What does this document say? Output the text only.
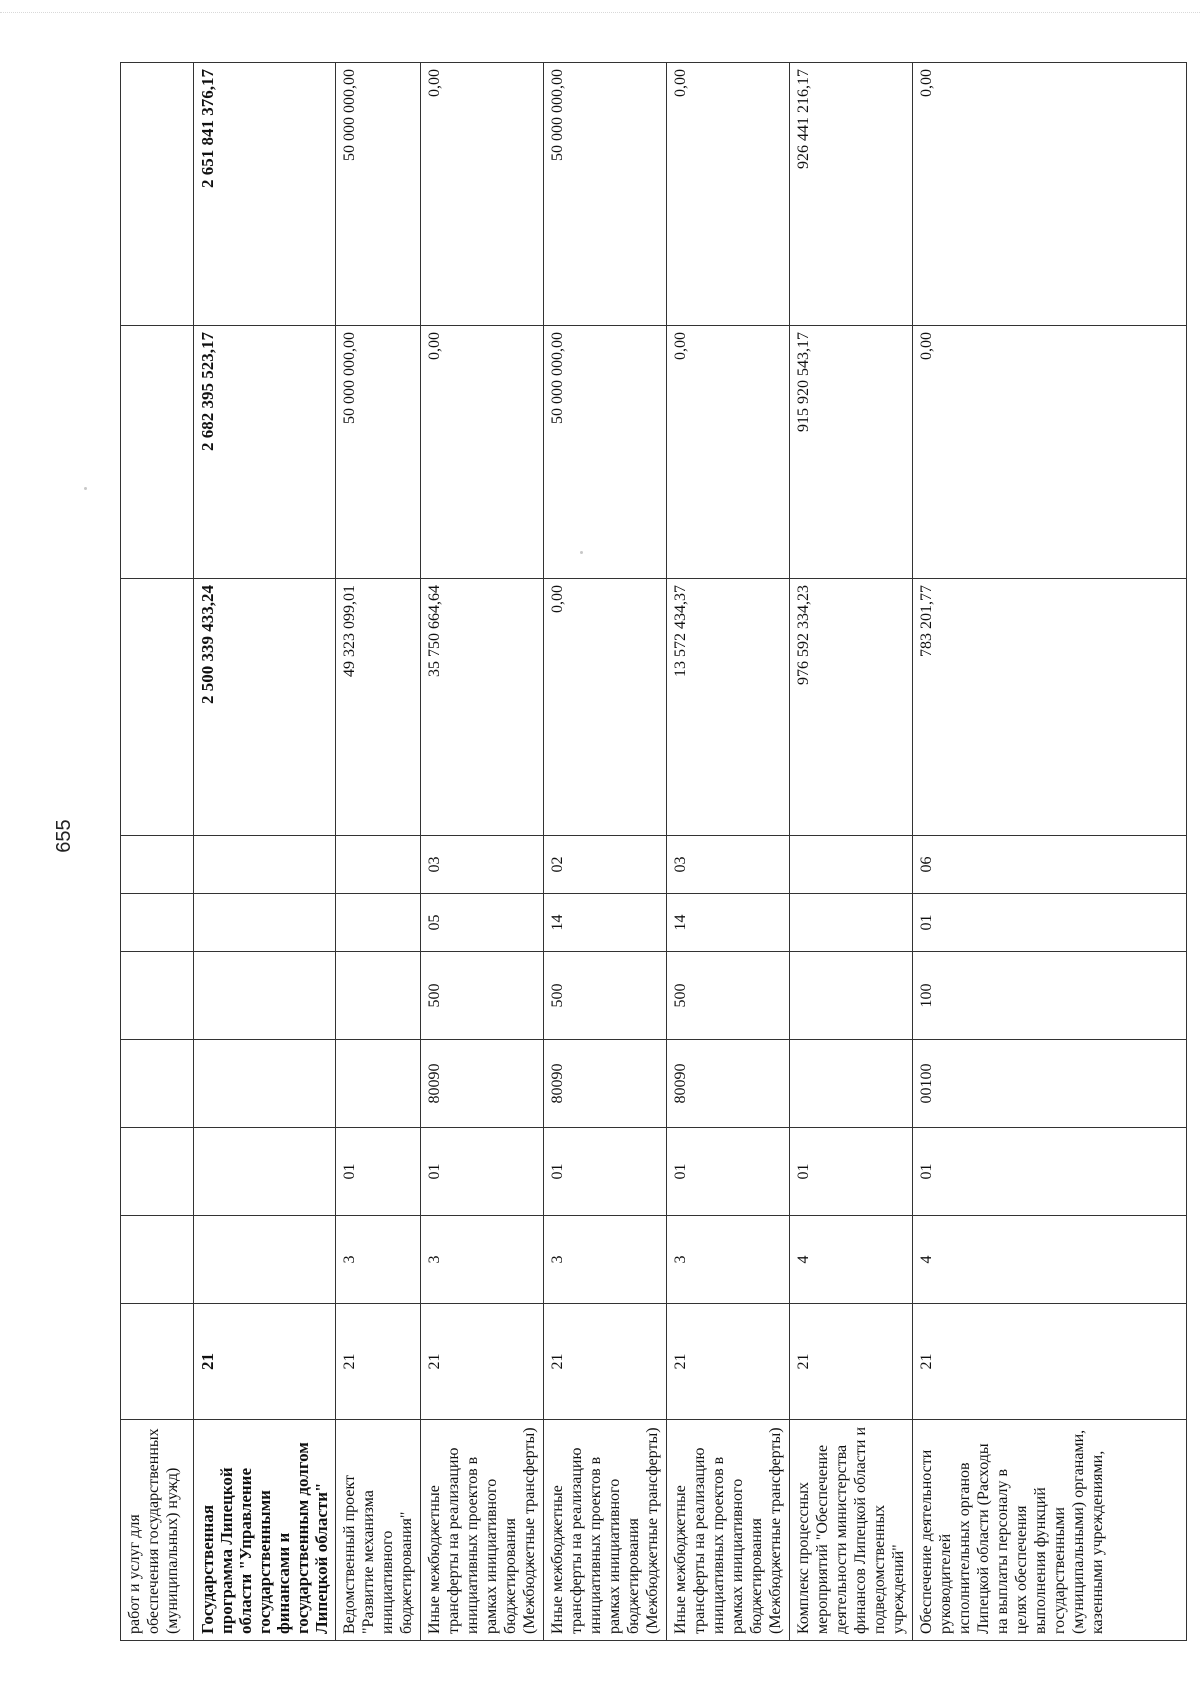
655
работ и услуг для обеспечения государственных (муниципальных) нужд)										

Государственная программа Липецкой области "Управление государственными финансами и государственным долгом Липецкой области"	21							2 500 339 433,24	2 682 395 523,17	2 651 841 376,17

Ведомственный проект "Развитие механизма инициативного бюджетирования"	21	3	01					49 323 099,01	50 000 000,00	50 000 000,00

Иные межбюджетные трансферты на реализацию инициативных проектов в рамках инициативного бюджетирования (Межбюджетные трансферты)	21	3	01	80090	500	05	03	35 750 664,64	0,00	0,00

Иные межбюджетные трансферты на реализацию инициативных проектов в рамках инициативного бюджетирования (Межбюджетные трансферты)	21	3	01	80090	500	14	02	0,00	50 000 000,00	50 000 000,00

Иные межбюджетные трансферты на реализацию инициативных проектов в рамках инициативного бюджетирования (Межбюджетные трансферты)	21	3	01	80090	500	14	03	13 572 434,37	0,00	0,00

Комплекс процессных мероприятий "Обеспечение деятельности министерства финансов Липецкой области и подведомственных учреждений"	21	4	01					976 592 334,23	915 920 543,17	926 441 216,17

Обеспечение деятельности руководителей исполнительных органов Липецкой области (Расходы на выплаты персоналу в целях обеспечения выполнения функций государственными (муниципальными) органами, казенными учреждениями,	21	4	01	00100	100	01	06	783 201,77	0,00	0,00
